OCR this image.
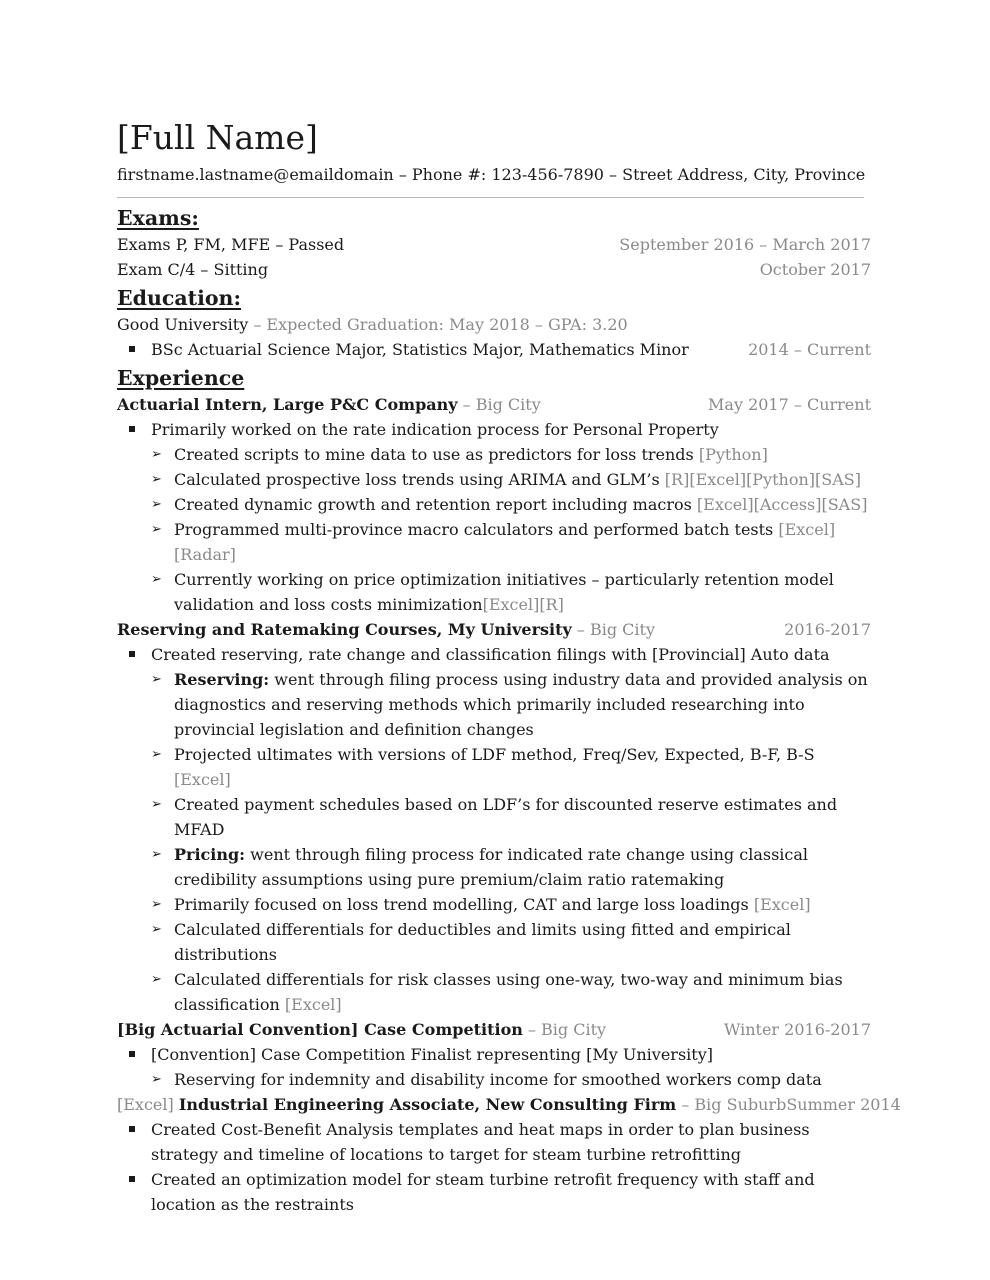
[Full Name]
firstname.lastname@emaildomain – Phone #: 123-456-7890 – Street Address, City, Province
Exams:
Exams P, FM, MFE – Passed	September 2016 – March 2017
Exam C/4 – Sitting	October 2017
Education:
Good University – Expected Graduation: May 2018 – GPA: 3.20
BSc Actuarial Science Major, Statistics Major, Mathematics Minor	2014 – Current
Experience
Actuarial Intern, Large P&C Company – Big City	May 2017 – Current
Primarily worked on the rate indication process for Personal Property
➢ Created scripts to mine data to use as predictors for loss trends [Python]
➢ Calculated prospective loss trends using ARIMA and GLM’s [R][Excel][Python][SAS]
➢ Created dynamic growth and retention report including macros [Excel][Access][SAS]
➢ Programmed multi-province macro calculators and performed batch tests [Excel][Radar]
➢ Currently working on price optimization initiatives – particularly retention model validation and loss costs minimization[Excel][R]
Reserving and Ratemaking Courses, My University – Big City	2016-2017
Created reserving, rate change and classification filings with [Provincial] Auto data
➢ Reserving: went through filing process using industry data and provided analysis on diagnostics and reserving methods which primarily included researching into provincial legislation and definition changes
➢ Projected ultimates with versions of LDF method, Freq/Sev, Expected, B-F, B-S [Excel]
➢ Created payment schedules based on LDF’s for discounted reserve estimates and MFAD
➢ Pricing: went through filing process for indicated rate change using classical credibility assumptions using pure premium/claim ratio ratemaking
➢ Primarily focused on loss trend modelling, CAT and large loss loadings [Excel]
➢ Calculated differentials for deductibles and limits using fitted and empirical distributions
➢ Calculated differentials for risk classes using one-way, two-way and minimum bias classification [Excel]
[Big Actuarial Convention] Case Competition – Big City	Winter 2016-2017
[Convention] Case Competition Finalist representing [My University]
➢ Reserving for indemnity and disability income for smoothed workers comp data
[Excel] Industrial Engineering Associate, New Consulting Firm – Big Suburb Summer 2014
Created Cost-Benefit Analysis templates and heat maps in order to plan business strategy and timeline of locations to target for steam turbine retrofitting
Created an optimization model for steam turbine retrofit frequency with staff and location as the restraints
